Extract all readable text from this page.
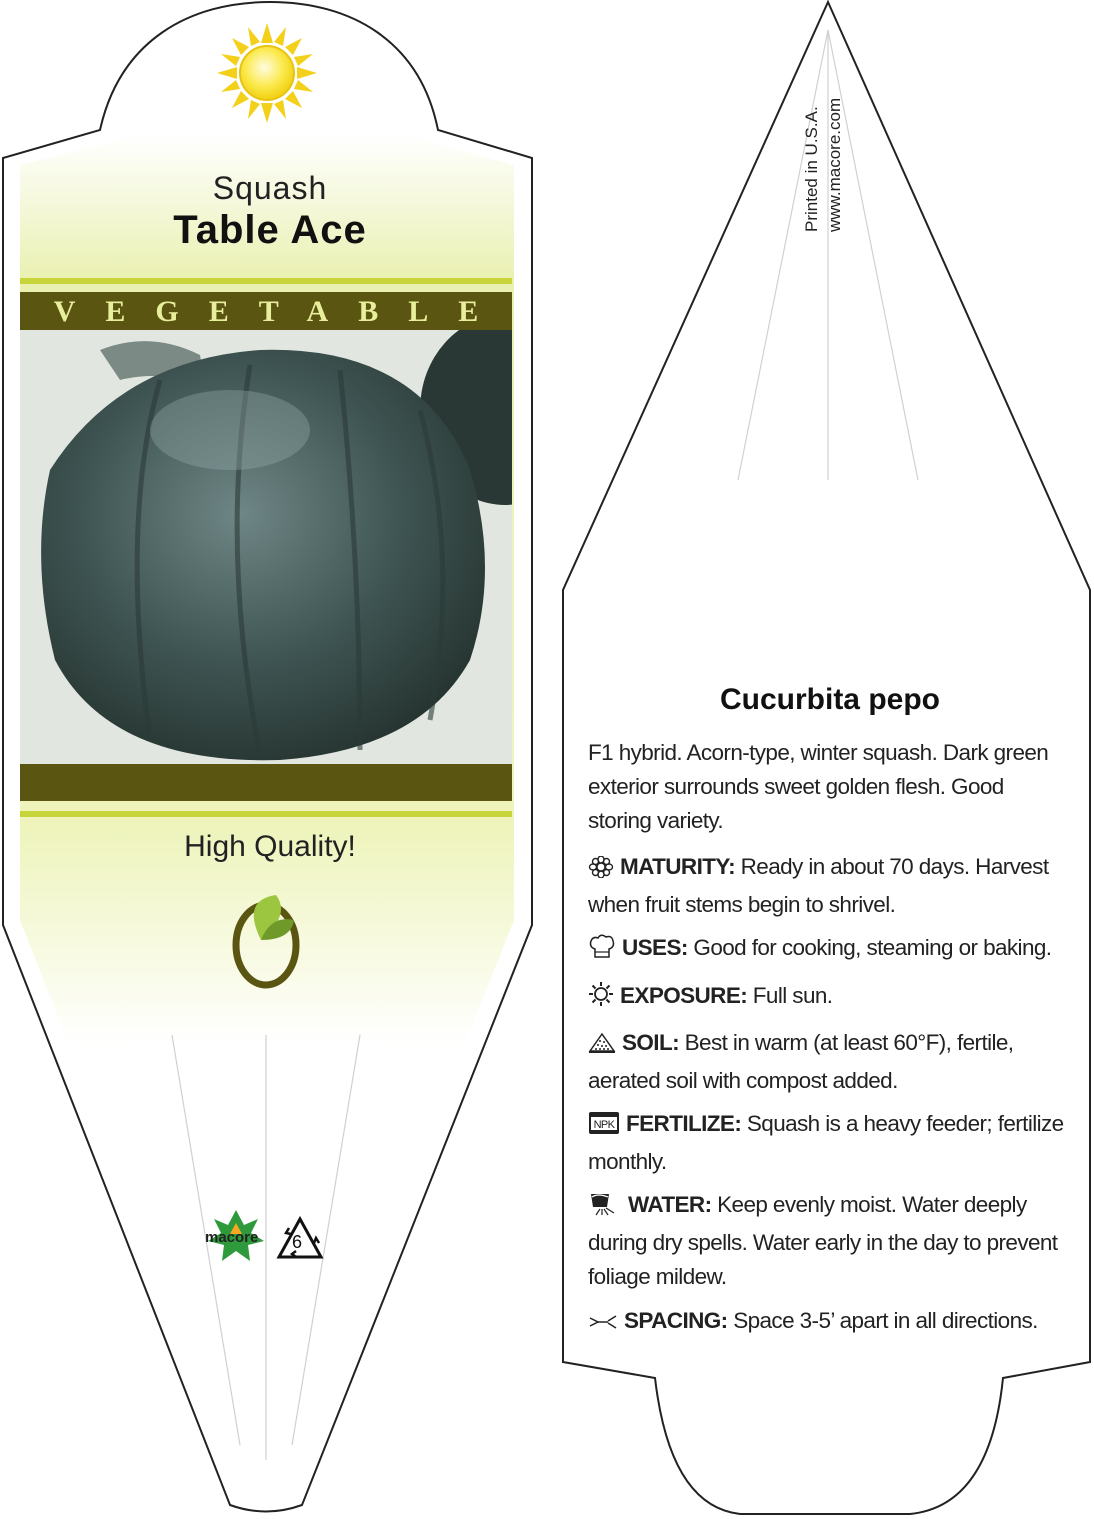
Squash
Table Ace
VEGETABLE
High Quality!
macore 6
Printed in U.S.A. www.macore.com
Cucurbita pepo
F1 hybrid. Acorn-type, winter squash. Dark green exterior surrounds sweet golden flesh. Good storing variety.
MATURITY: Ready in about 70 days. Harvest when fruit stems begin to shrivel.
USES: Good for cooking, steaming or baking.
EXPOSURE: Full sun.
SOIL: Best in warm (at least 60°F), fertile, aerated soil with compost added.
NPK FERTILIZE: Squash is a heavy feeder; fertilize monthly.
WATER: Keep evenly moist. Water deeply during dry spells. Water early in the day to prevent foliage mildew.
SPACING: Space 3-5’ apart in all directions.
